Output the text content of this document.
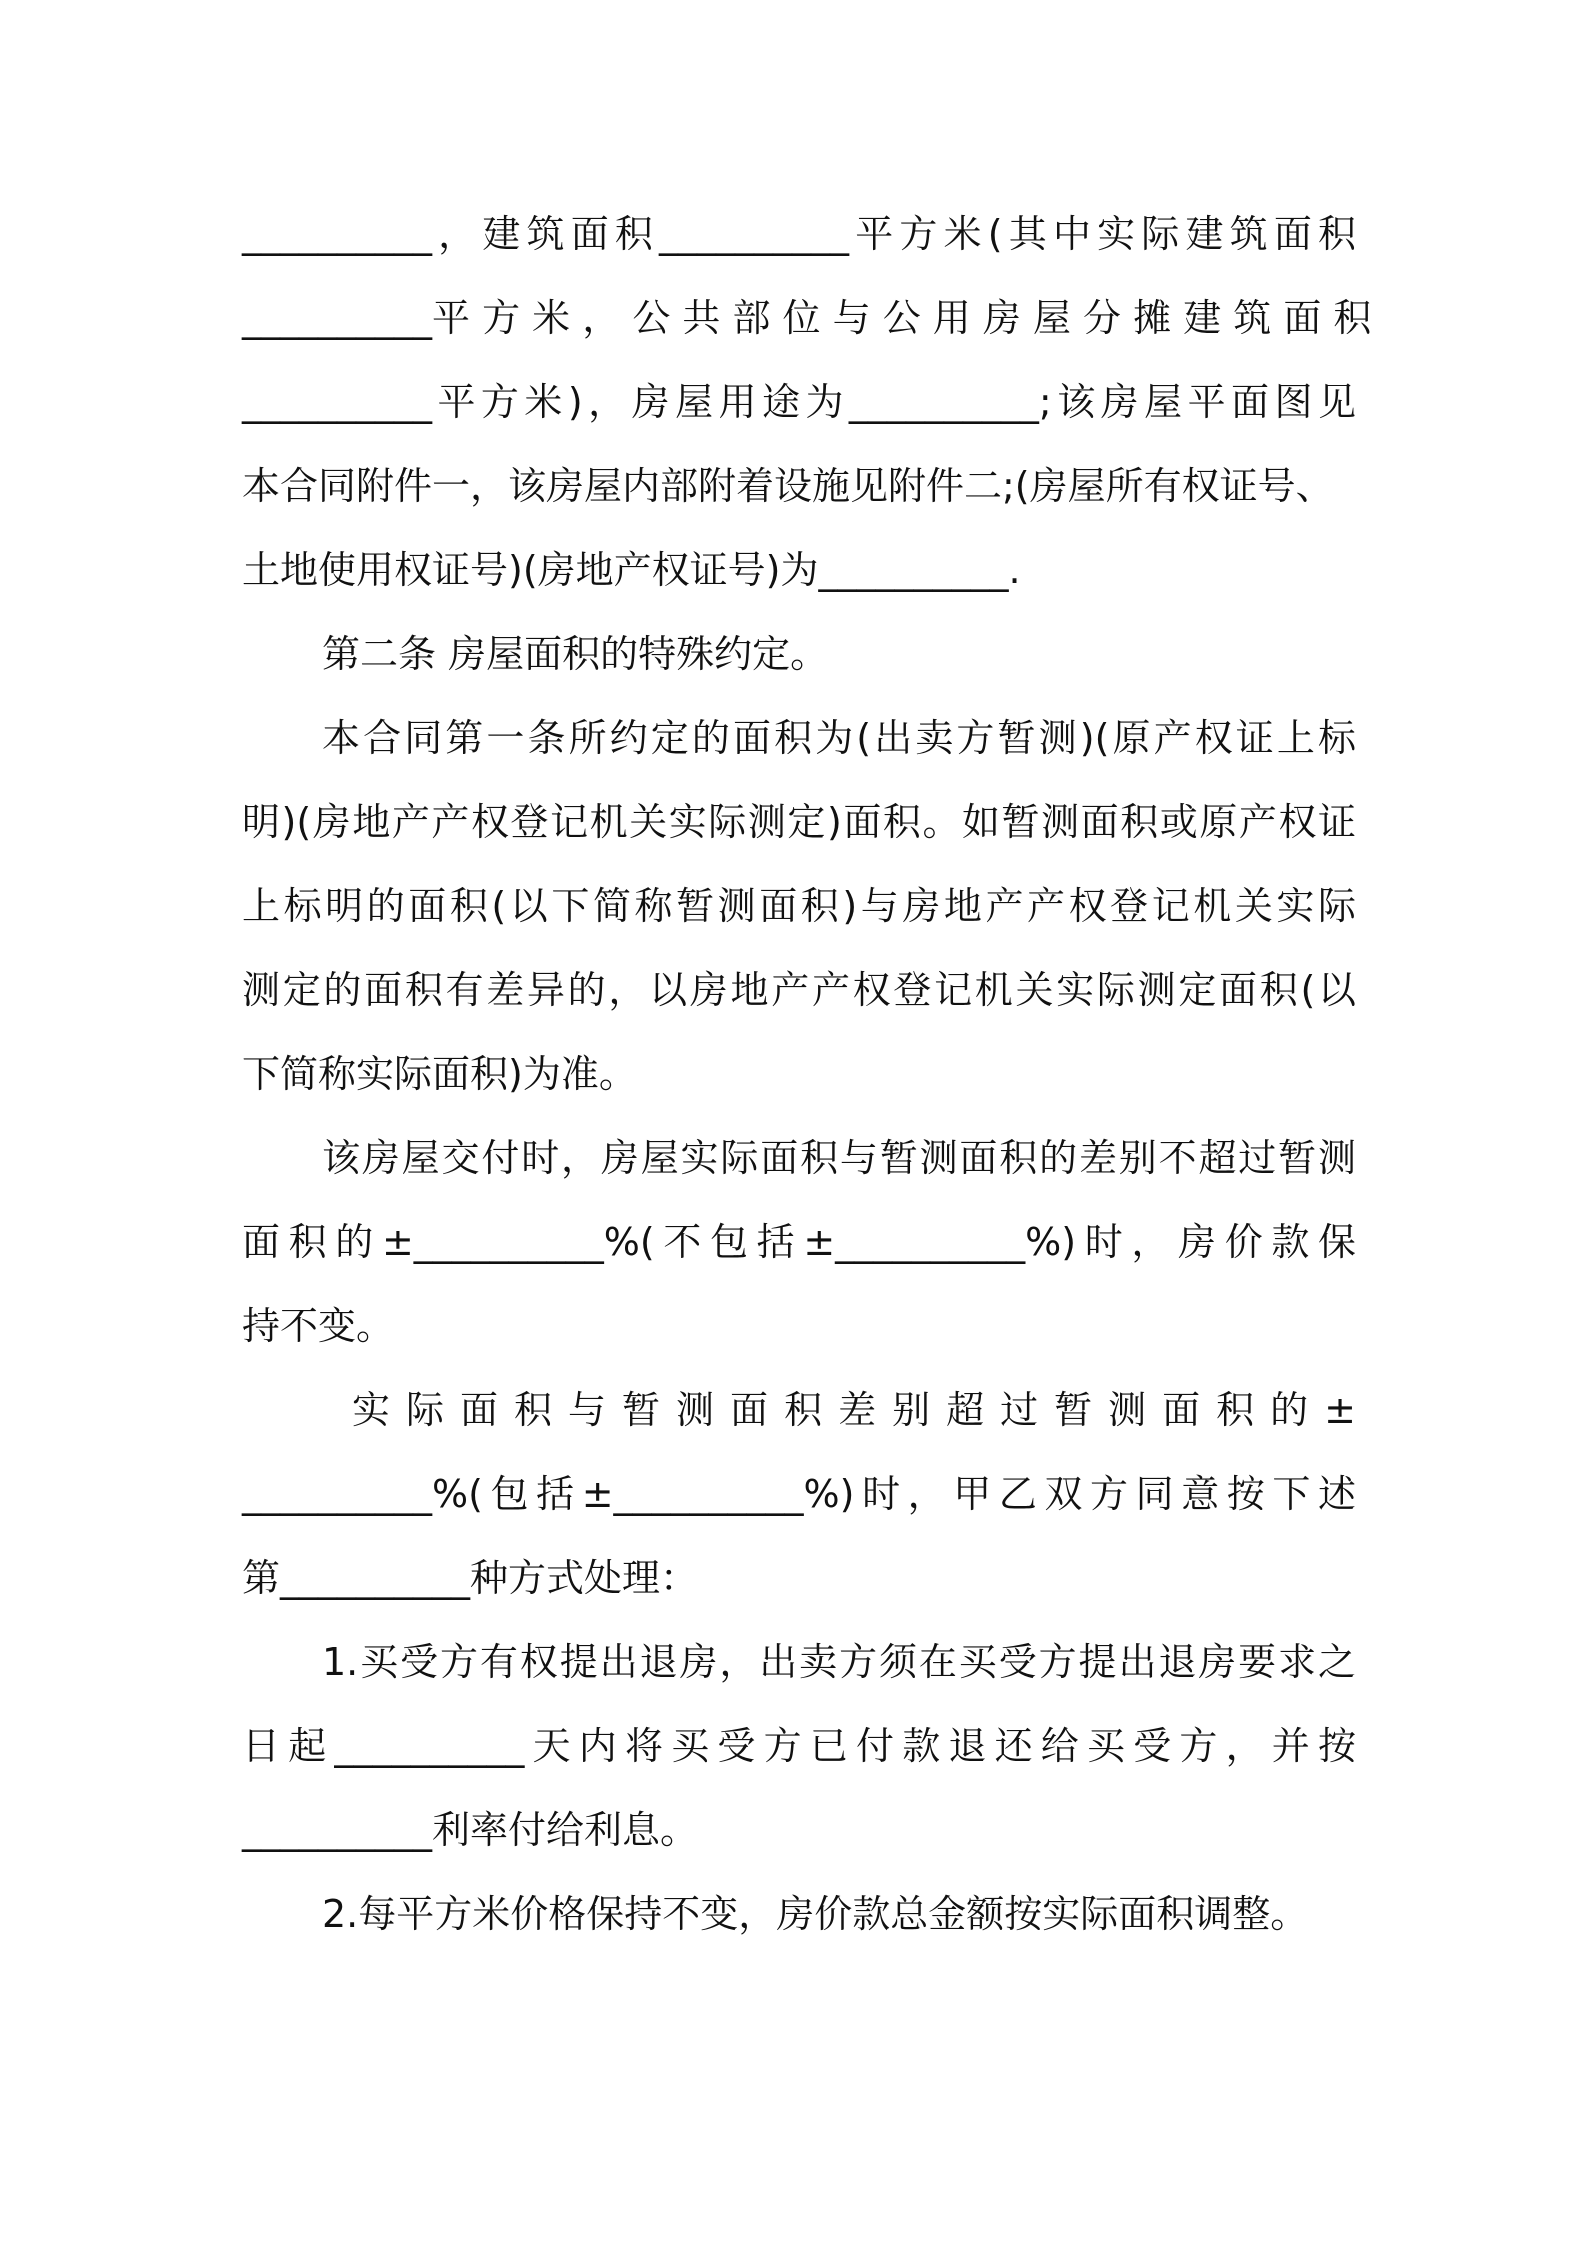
__________，建筑面积__________平方米(其中实际建筑面积
__________平 方 米 ， 公 共 部 位 与 公 用 房 屋 分 摊 建 筑 面 积
__________平方米)，房屋用途为__________;该房屋平面图见
本合同附件一，该房屋内部附着设施见附件二;(房屋所有权证号、
土地使用权证号)(房地产权证号)为__________.
第二条 房屋面积的特殊约定。
本合同第一条所约定的面积为(出卖方暂测)(原产权证上标
明)(房地产产权登记机关实际测定)面积。如暂测面积或原产权证
上标明的面积(以下简称暂测面积)与房地产产权登记机关实际
测定的面积有差异的，以房地产产权登记机关实际测定面积(以
下简称实际面积)为准。
该房屋交付时，房屋实际面积与暂测面积的差别不超过暂测
面积的±__________%(不包括±__________%)时，房价款保
持不变。
实 际 面 积 与 暂 测 面 积 差 别 超 过 暂 测 面 积 的 ±
__________%(包括±__________%)时，甲乙双方同意按下述
第__________种方式处理：
1.买受方有权提出退房，出卖方须在买受方提出退房要求之
日起__________天内将买受方已付款退还给买受方，并按
__________利率付给利息。
2.每平方米价格保持不变，房价款总金额按实际面积调整。
